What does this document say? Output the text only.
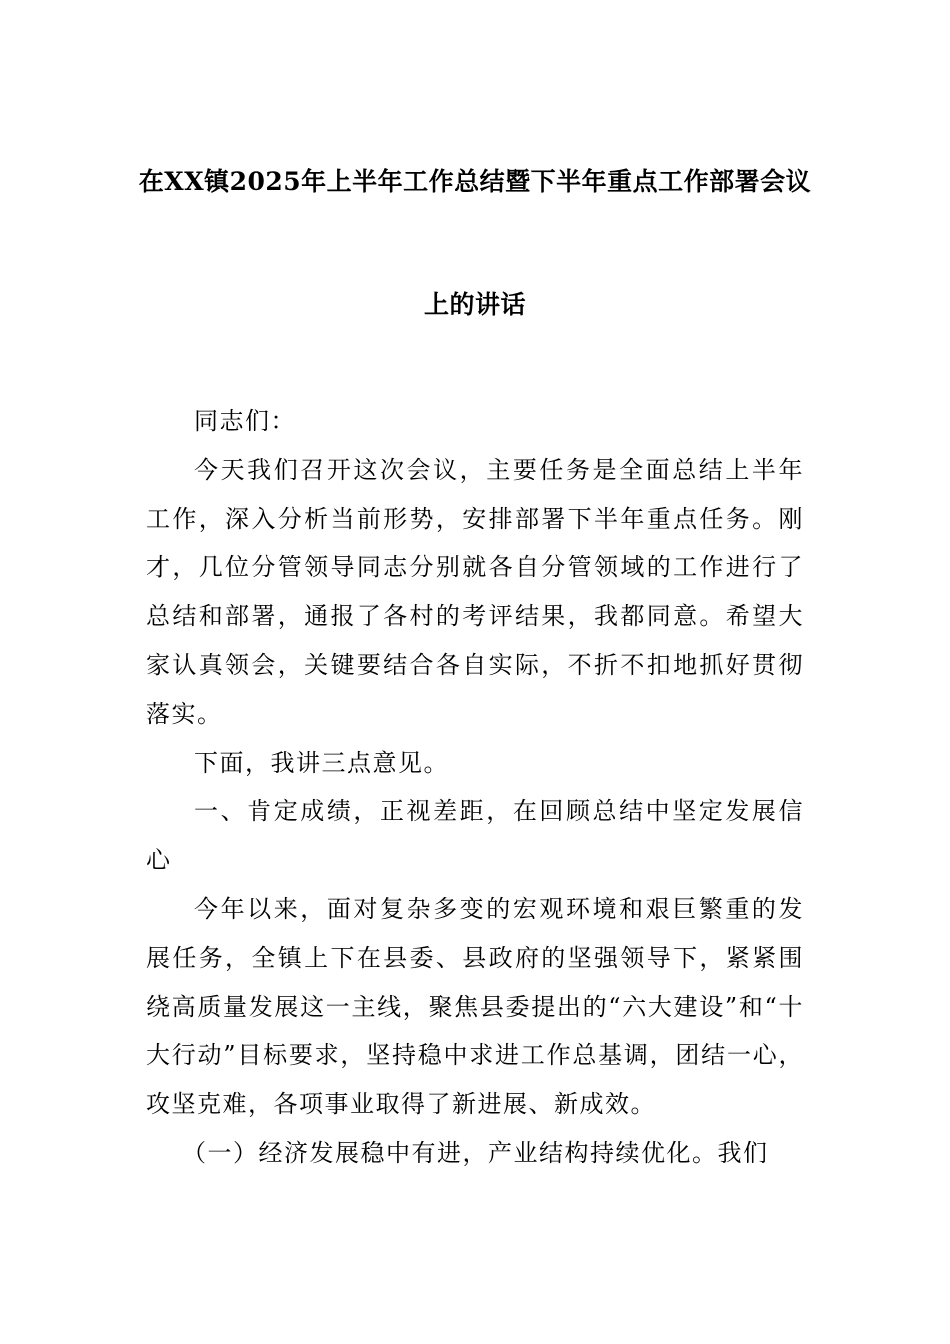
在XX镇2025年上半年工作总结暨下半年重点工作部署会议
上的讲话

同志们：

今天我们召开这次会议，主要任务是全面总结上半年工作，深入分析当前形势，安排部署下半年重点任务。刚才，几位分管领导同志分别就各自分管领域的工作进行了总结和部署，通报了各村的考评结果，我都同意。希望大家认真领会，关键要结合各自实际，不折不扣地抓好贯彻落实。

下面，我讲三点意见。

一、肯定成绩，正视差距，在回顾总结中坚定发展信心

今年以来，面对复杂多变的宏观环境和艰巨繁重的发展任务，全镇上下在县委、县政府的坚强领导下，紧紧围绕高质量发展这一主线，聚焦县委提出的“六大建设”和“十大行动”目标要求，坚持稳中求进工作总基调，团结一心，攻坚克难，各项事业取得了新进展、新成效。

（一）经济发展稳中有进，产业结构持续优化。我们
